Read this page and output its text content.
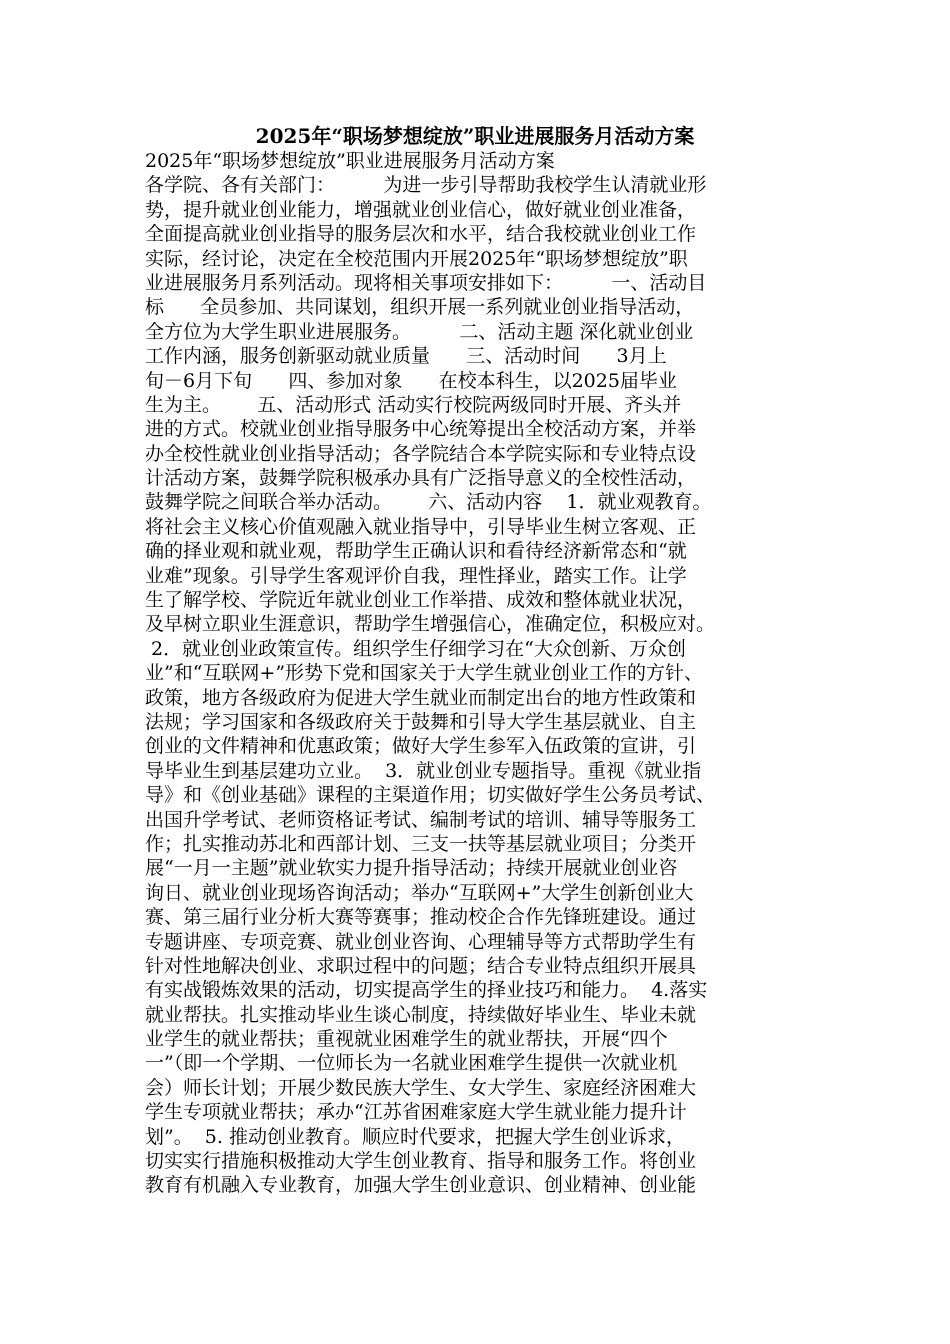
2025年“职场梦想绽放”职业进展服务月活动方案
2025年“职场梦想绽放”职业进展服务月活动方案
各学院、各有关部门：        为进一步引导帮助我校学生认清就业形
势，提升就业创业能力，增强就业创业信心，做好就业创业准备，
全面提高就业创业指导的服务层次和水平，结合我校就业创业工作
实际，经讨论，决定在全校范围内开展2025年“职场梦想绽放”职
业进展服务月系列活动。现将相关事项安排如下：        一、活动目
标      全员参加、共同谋划，组织开展一系列就业创业指导活动，
全方位为大学生职业进展服务。        二、活动主题 深化就业创业
工作内涵，服务创新驱动就业质量      三、活动时间      3月上
旬－6月下旬      四、参加对象      在校本科生，以2025届毕业
生为主。      五、活动形式 活动实行校院两级同时开展、齐头并
进的方式。校就业创业指导服务中心统筹提出全校活动方案，并举
办全校性就业创业指导活动；各学院结合本学院实际和专业特点设
计活动方案，鼓舞学院积极承办具有广泛指导意义的全校性活动，
鼓舞学院之间联合举办活动。      六、活动内容    1．就业观教育。
将社会主义核心价值观融入就业指导中，引导毕业生树立客观、正
确的择业观和就业观，帮助学生正确认识和看待经济新常态和“就
业难”现象。引导学生客观评价自我，理性择业，踏实工作。让学
生了解学校、学院近年就业创业工作举措、成效和整体就业状况，
及早树立职业生涯意识，帮助学生增强信心，准确定位，积极应对。
2．就业创业政策宣传。组织学生仔细学习在“大众创新、万众创
业”和“互联网+”形势下党和国家关于大学生就业创业工作的方针、
政策，地方各级政府为促进大学生就业而制定出台的地方性政策和
法规；学习国家和各级政府关于鼓舞和引导大学生基层就业、自主
创业的文件精神和优惠政策；做好大学生参军入伍政策的宣讲，引
导毕业生到基层建功立业。  3．就业创业专题指导。重视《就业指
导》和《创业基础》课程的主渠道作用；切实做好学生公务员考试、
出国升学考试、老师资格证考试、编制考试的培训、辅导等服务工
作；扎实推动苏北和西部计划、三支一扶等基层就业项目；分类开
展“一月一主题”就业软实力提升指导活动；持续开展就业创业咨
询日、就业创业现场咨询活动；举办“互联网+”大学生创新创业大
赛、第三届行业分析大赛等赛事；推动校企合作先锋班建设。通过
专题讲座、专项竞赛、就业创业咨询、心理辅导等方式帮助学生有
针对性地解决创业、求职过程中的问题；结合专业特点组织开展具
有实战锻炼效果的活动，切实提高学生的择业技巧和能力。  4.落实
就业帮扶。扎实推动毕业生谈心制度，持续做好毕业生、毕业未就
业学生的就业帮扶；重视就业困难学生的就业帮扶，开展“四个
一”（即一个学期、一位师长为一名就业困难学生提供一次就业机
会）师长计划；开展少数民族大学生、女大学生、家庭经济困难大
学生专项就业帮扶；承办“江苏省困难家庭大学生就业能力提升计
划”。  5. 推动创业教育。顺应时代要求，把握大学生创业诉求，
切实实行措施积极推动大学生创业教育、指导和服务工作。将创业
教育有机融入专业教育，加强大学生创业意识、创业精神、创业能
